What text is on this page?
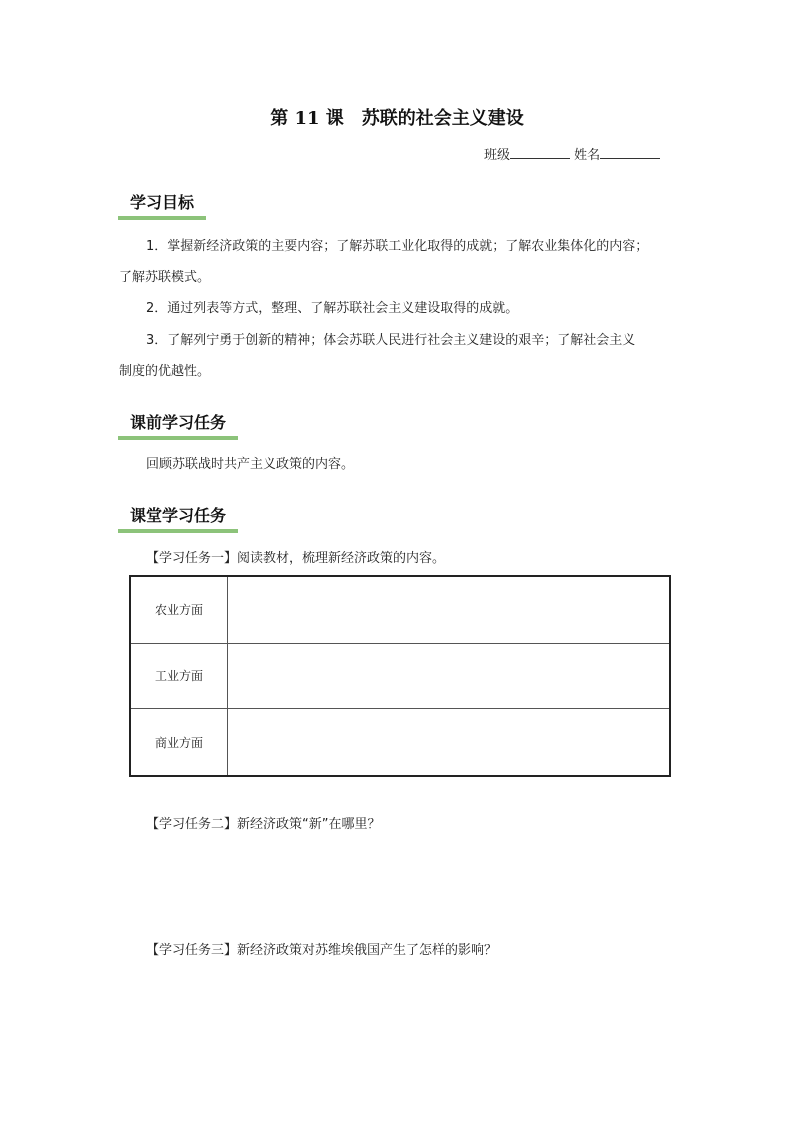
第 11 课　苏联的社会主义建设
班级	姓名
学习目标
1．掌握新经济政策的主要内容；了解苏联工业化取得的成就；了解农业集体化的内容；
了解苏联模式。
2．通过列表等方式，整理、了解苏联社会主义建设取得的成就。
3．了解列宁勇于创新的精神；体会苏联人民进行社会主义建设的艰辛；了解社会主义
制度的优越性。
课前学习任务
回顾苏联战时共产主义政策的内容。
课堂学习任务
【学习任务一】阅读教材，梳理新经济政策的内容。
农业方面	
工业方面	
商业方面	
【学习任务二】新经济政策“新”在哪里？
【学习任务三】新经济政策对苏维埃俄国产生了怎样的影响？
